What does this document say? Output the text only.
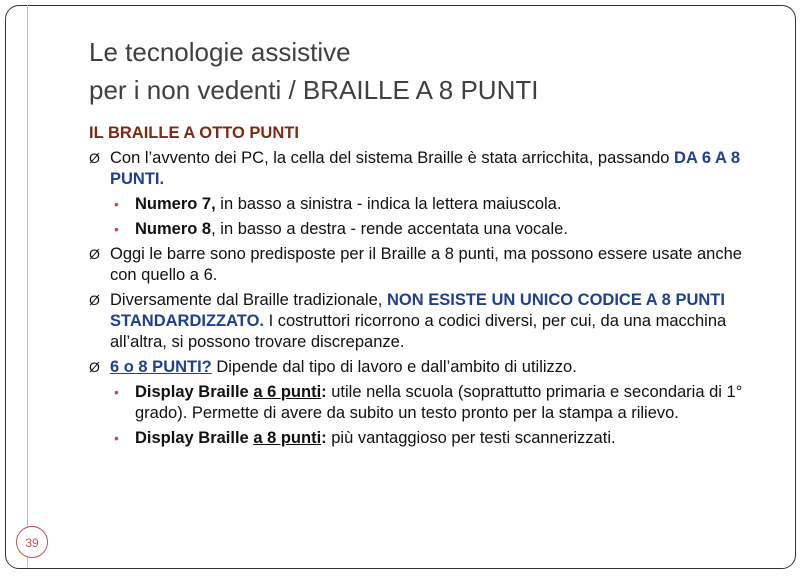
Le tecnologie assistive
per i non vedenti / BRAILLE A 8 PUNTI
IL BRAILLE A OTTO PUNTI
Ø Con l’avvento dei PC, la cella del sistema Braille è stata arricchita, passando DA 6 A 8 PUNTI.
• Numero 7, in basso a sinistra - indica la lettera maiuscola.
• Numero 8, in basso a destra - rende accentata una vocale.
Ø Oggi le barre sono predisposte per il Braille a 8 punti, ma possono essere usate anche con quello a 6.
Ø Diversamente dal Braille tradizionale, NON ESISTE UN UNICO CODICE A 8 PUNTI STANDARDIZZATO. I costruttori ricorrono a codici diversi, per cui, da una macchina all’altra, si possono trovare discrepanze.
Ø 6 o 8 PUNTI? Dipende dal tipo di lavoro e dall’ambito di utilizzo.
• Display Braille a 6 punti: utile nella scuola (soprattutto primaria e secondaria di 1° grado). Permette di avere da subito un testo pronto per la stampa a rilievo.
• Display Braille a 8 punti: più vantaggioso per testi scannerizzati.
39
